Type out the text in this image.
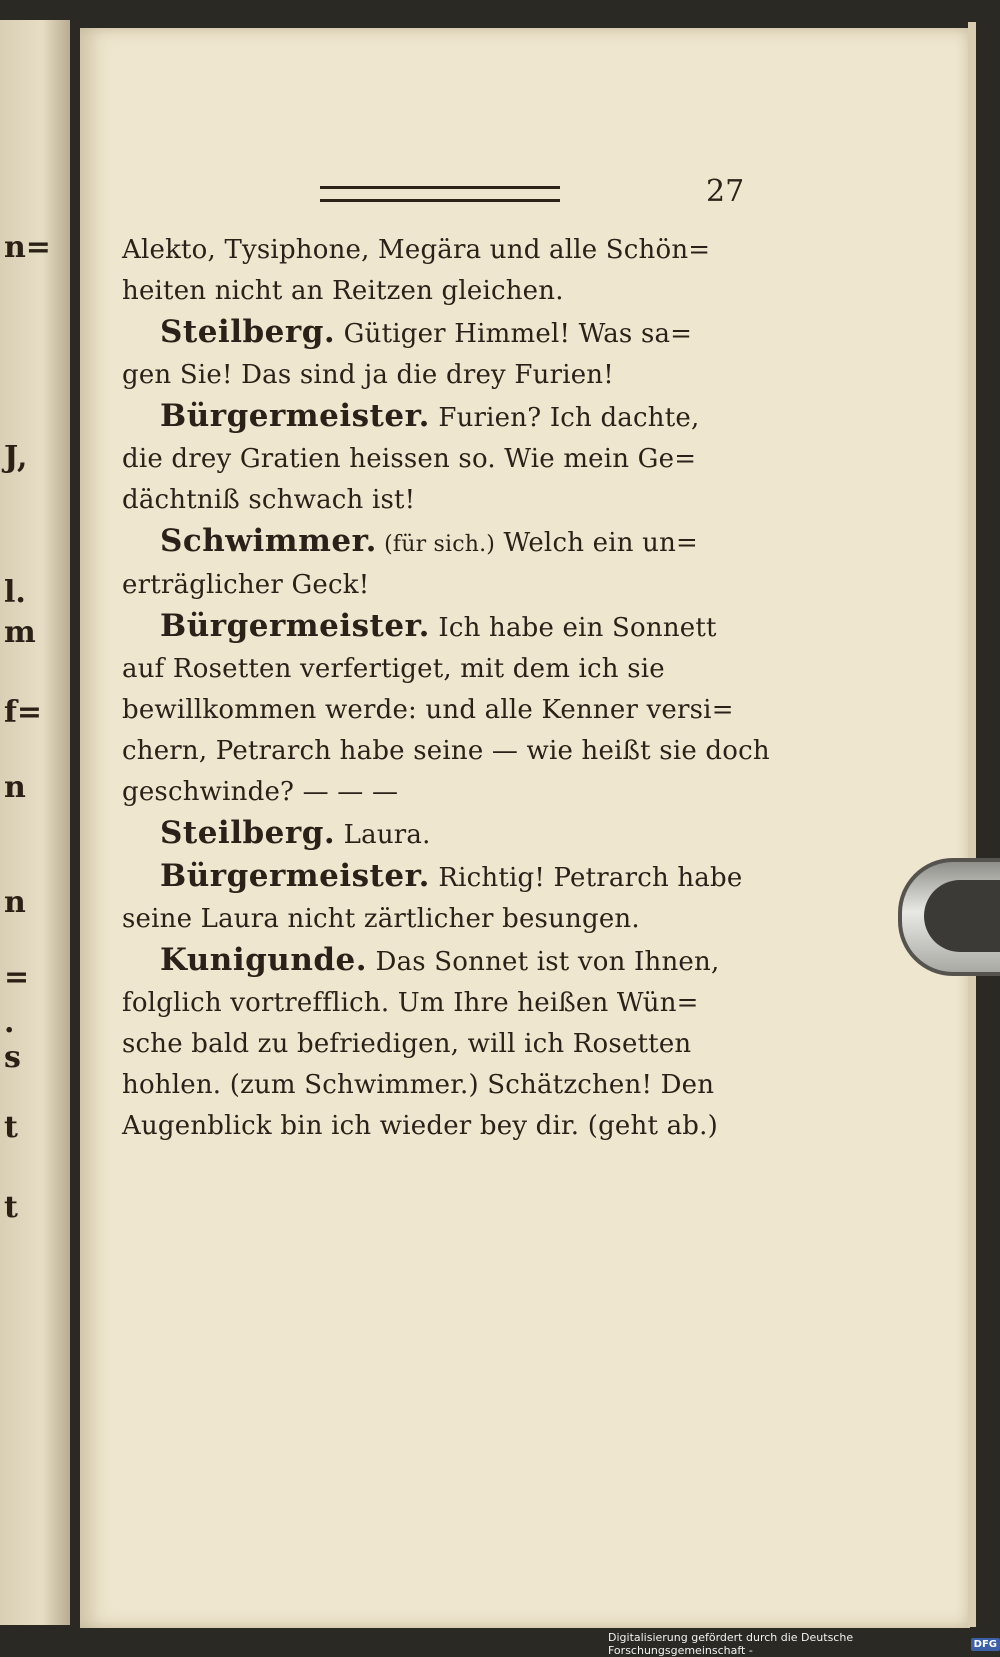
n=
J,
l.
m
f=
n
n
=
.
s
t
t
27
Alekto, Tysiphone, Megära und alle Schön=
heiten nicht an Reitzen gleichen.
Steilberg. Gütiger Himmel! Was sa=
gen Sie! Das sind ja die drey Furien!
Bürgermeister. Furien? Ich dachte,
die drey Gratien heissen so. Wie mein Ge=
dächtniß schwach ist!
Schwimmer. (für sich.) Welch ein un=
erträglicher Geck!
Bürgermeister. Ich habe ein Sonnett
auf Rosetten verfertiget, mit dem ich sie
bewillkommen werde: und alle Kenner versi=
chern, Petrarch habe seine — wie heißt sie doch
geschwinde? — — —
Steilberg. Laura.
Bürgermeister. Richtig! Petrarch habe
seine Laura nicht zärtlicher besungen.
Kunigunde. Das Sonnet ist von Ihnen,
folglich vortrefflich. Um Ihre heißen Wün=
sche bald zu befriedigen, will ich Rosetten
hohlen. (zum Schwimmer.) Schätzchen! Den
Augenblick bin ich wieder bey dir. (geht ab.)
Digitalisierung gefördert durch die Deutsche Forschungsgemeinschaft -	DFG
